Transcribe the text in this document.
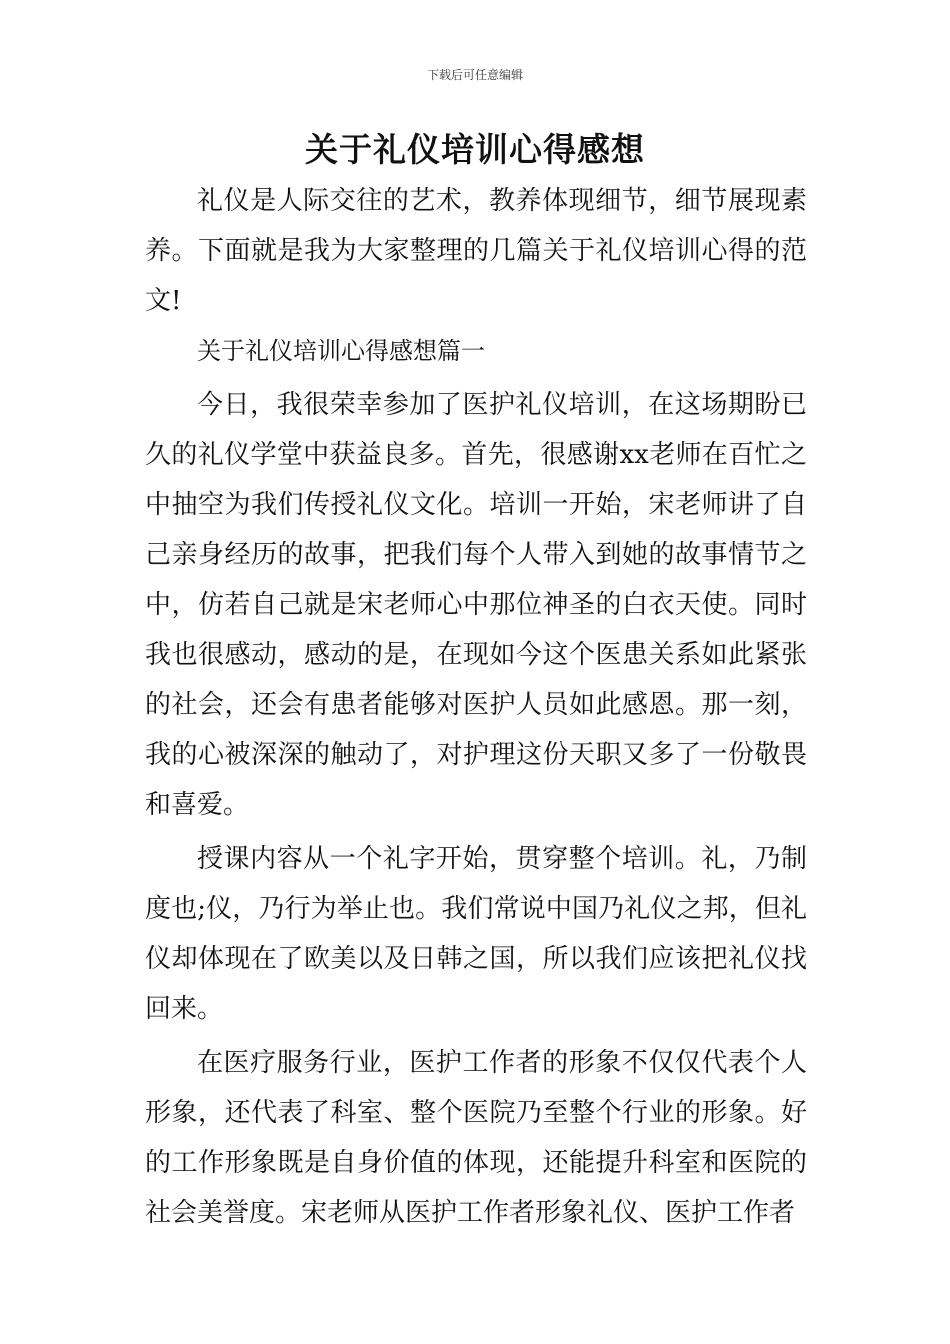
下载后可任意编辑
关于礼仪培训心得感想

礼仪是人际交往的艺术，教养体现细节，细节展现素养。下面就是我为大家整理的几篇关于礼仪培训心得的范文!

关于礼仪培训心得感想篇一

今日，我很荣幸参加了医护礼仪培训，在这场期盼已久的礼仪学堂中获益良多。首先，很感谢xx老师在百忙之中抽空为我们传授礼仪文化。培训一开始，宋老师讲了自己亲身经历的故事，把我们每个人带入到她的故事情节之中，仿若自己就是宋老师心中那位神圣的白衣天使。同时我也很感动，感动的是，在现如今这个医患关系如此紧张的社会，还会有患者能够对医护人员如此感恩。那一刻，我的心被深深的触动了，对护理这份天职又多了一份敬畏和喜爱。

授课内容从一个礼字开始，贯穿整个培训。礼，乃制度也;仪，乃行为举止也。我们常说中国乃礼仪之邦，但礼仪却体现在了欧美以及日韩之国，所以我们应该把礼仪找回来。

在医疗服务行业，医护工作者的形象不仅仅代表个人形象，还代表了科室、整个医院乃至整个行业的形象。好的工作形象既是自身价值的体现，还能提升科室和医院的社会美誉度。宋老师从医护工作者形象礼仪、医护工作者
